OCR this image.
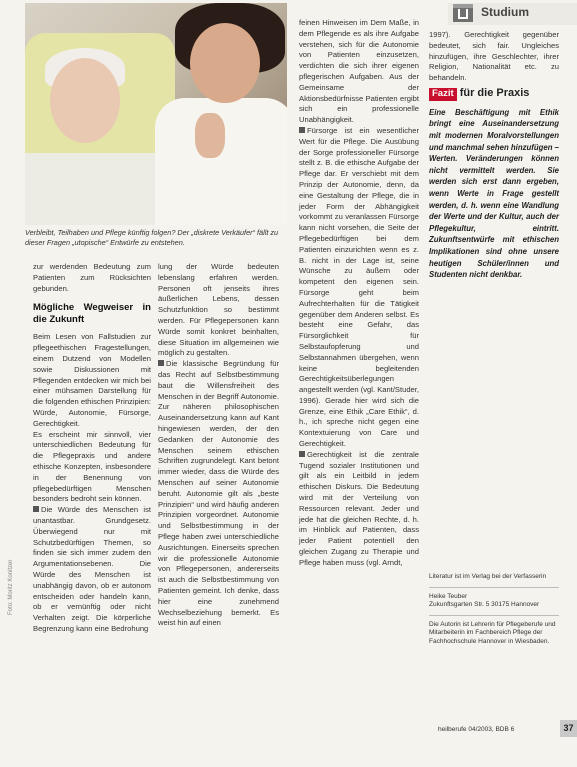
Verbleibt, Teilhaben und Pflege künftig folgen? Der „diskrete Verkäufer“ fällt zu dieser Fragen „utopische“ Entwürfe zu entstehen.
Foto: Moritz Konitzer
Studium

zur werdenden Bedeutung zum Patienten zum Rücksichten gebunden.

Mögliche Wegweiser in die Zukunft

Beim Lesen von Fallstudien zur pflegeethischen Fragestellungen, einem Dutzend von Modellen sowie Diskussionen mit Pflegenden entdecken wir mich bei einer mühsamen Darstellung für die folgenden ethischen Prinzipien: Würde, Autonomie, Fürsorge, Gerechtigkeit.

Es erscheint mir sinnvoll, vier unterschiedlichen Bedeutung für die Pflegepraxis und andere ethische Konzepten, insbesondere in der Benennung von pflegebedürftigen Menschen besonders bedroht sein können.

Die Würde des Menschen ist unantastbar. Grundgesetz. Überwiegend nur mit Schutzbedürftigen Themen, so finden sie sich immer zudem den Argumentationsebenen. Die Würde des Menschen ist unabhängig davon, ob er autonom entscheiden oder handeln kann, ob er vernünftig oder nicht Verhalten zeigt. Die körperliche Begrenzung kann eine Bedrohung

lung der Würde bedeuten lebenslang erfahren werden. Personen oft jenseits ihres äußerlichen Lebens, dessen Schutzfunktion so bestimmt werden. Für Pflegepersonen kann Würde somit konkret beinhalten, diese Situation im allgemeinen wie möglich zu gestalten.

Die klassische Begründung für das Recht auf Selbstbestimmung baut die Willensfreiheit des Menschen in der Begriff Autonomie. Zur näheren philosophischen Auseinandersetzung kann auf Kant hingewiesen werden, der den Gedanken der Autonomie des Menschen seinem ethischen Schriften zugrundelegt. Kant betont immer wieder, dass die Würde des Menschen auf seiner Autonomie beruht. Autonomie gilt als „beste Prinzipien“ und wird häufig anderen Prinzipien vorgeordnet. Autonomie und Selbstbestimmung in der Pflege haben zwei unterschiedliche Ausrichtungen. Einerseits sprechen wir die professionelle Autonomie von Pflegepersonen, andererseits ist auch die Selbstbestimmung von Patienten gemeint. Ich denke, dass hier eine zunehmend Wechselbeziehung bemerkt. Es weist hin auf einen

feinen Hinweisen im Dem Maße, in dem Pflegende es als ihre Aufgabe verstehen, sich für die Autonomie von Patienten einzusetzen, verdichten die sich ihrer eigenen pflegerischen Aufgaben. Aus der Gemeinsame der Aktionsbedürfnisse Patienten ergibt sich ein professionelle Unabhängigkeit.

Fürsorge ist ein wesentlicher Wert für die Pflege. Die Ausübung der Sorge professioneller Fürsorge stellt z. B. die ethische Aufgabe der Pflege dar. Er verschiebt mit dem Prinzip der Autonomie, denn, da eine Gestaltung der Pflege, die in jeder Form der Abhängigkeit vorkommt zu veranlassen Fürsorge kann nicht vorsehen, die Seite der Pflegebedürftigen bei dem Patienten einzurichten wenn es z. B. nicht in der Lage ist, seine Wünsche zu äußern oder kompetent den eigenen sein. Fürsorge geht beim Aufrechterhalten für die Tätigkeit gegenüber dem Anderen selbst. Es besteht eine Gefahr, das Fürsorglichkeit für Selbstaufopferung und Selbstannahmen übergehen, wenn keine begleitenden Gerechtigkeitsüberlegungen angestellt werden (vgl. Kant/Studer, 1996). Gerade hier wird sich die Grenze, eine Ethik „Care Ethik“, d. h., ich spreche nicht gegen eine Kontextuierung von Care und Gerechtigkeit.

Gerechtigkeit ist die zentrale Tugend sozialer Institutionen und gilt als ein Leitbild in jedem ethischen Diskurs. Die Bedeutung wird mit der Verteilung von Ressourcen relevant. Jeder und jede hat die gleichen Rechte, d. h. im Hinblick auf Patienten, dass jeder Patient potentiell den gleichen Zugang zu Therapie und Pflege haben muss (vgl. Arndt,

1997). Gerechtigkeit gegenüber bedeutet, sich fair. Ungleiches hinzufügen, ihre Geschlechter, ihrer Religion, Nationalität etc. zu behandeln.

Fazit für die Praxis
Eine Beschäftigung mit Ethik bringt eine Auseinandersetzung mit modernen Moralvorstellungen und manchmal sehen hinzufügen – Werten. Veränderungen können nicht vermittelt werden. Sie werden sich erst dann ergeben, wenn Werte in Frage gestellt werden, d. h. wenn eine Wandlung der Werte und der Kultur, auch der Pflegekultur, eintritt. Zukunftsentwürfe mit ethischen Implikationen sind ohne unsere heutigen Schüler/innen und Studenten nicht denkbar.
Literatur ist im Verlag bei der Verfasserin
Heike Teuber
Zukunftsgarten Str. 5 30175 Hannover
Die Autorin ist Lehrerin für Pflegeberufe und Mitarbeiterin im Fachbereich Pflege der Fachhochschule Hannover in Wiesbaden.
heilberufe 04/2003, BDB 6	37
